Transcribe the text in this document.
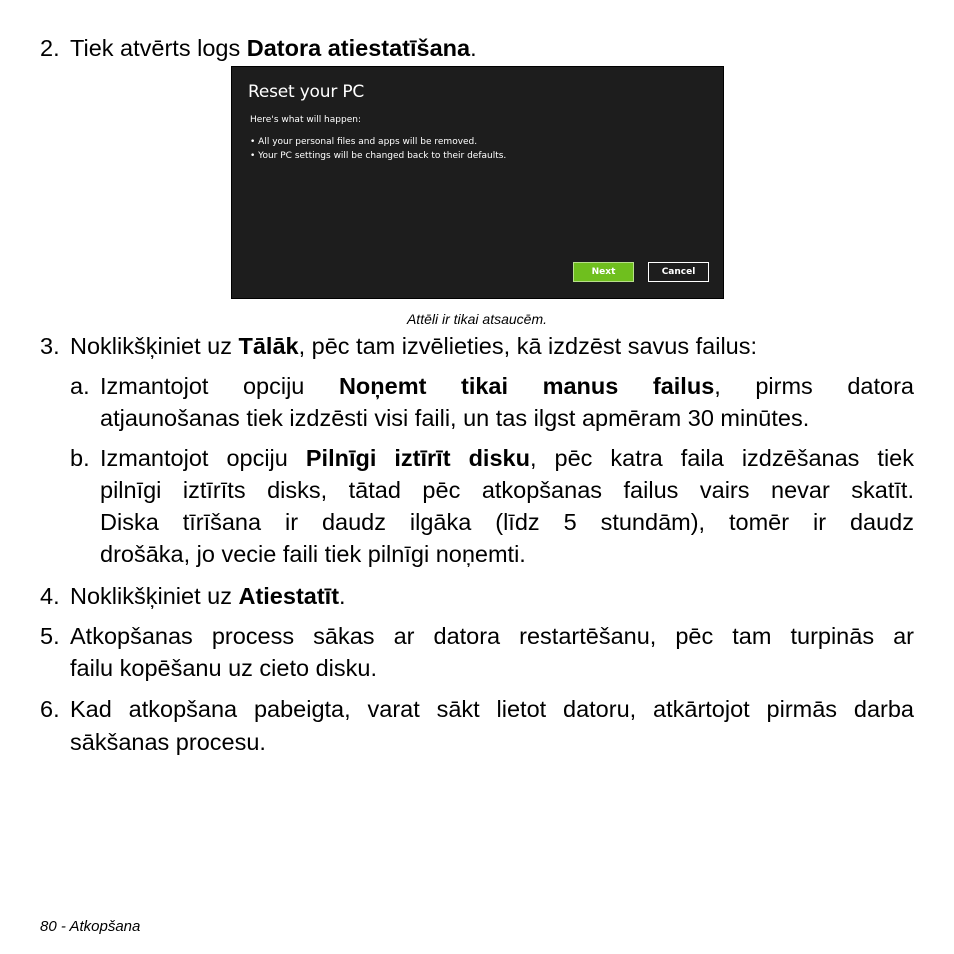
2. Tiek atvērts logs Datora atiestatīšana.
Reset your PC
Here's what will happen:
• All your personal files and apps will be removed.
• Your PC settings will be changed back to their defaults.
Next	Cancel
Attēli ir tikai atsaucēm.
3. Noklikšķiniet uz Tālāk, pēc tam izvēlieties, kā izdzēst savus failus:
a. Izmantojot opciju Noņemt tikai manus failus, pirms datora
atjaunošanas tiek izdzēsti visi faili, un tas ilgst apmēram 30 minūtes.
b. Izmantojot opciju Pilnīgi iztīrīt disku, pēc katra faila izdzēšanas tiek
pilnīgi iztīrīts disks, tātad pēc atkopšanas failus vairs nevar skatīt.
Diska tīrīšana ir daudz ilgāka (līdz 5 stundām), tomēr ir daudz
drošāka, jo vecie faili tiek pilnīgi noņemti.
4. Noklikšķiniet uz Atiestatīt.
5. Atkopšanas process sākas ar datora restartēšanu, pēc tam turpinās ar
failu kopēšanu uz cieto disku.
6. Kad atkopšana pabeigta, varat sākt lietot datoru, atkārtojot pirmās darba
sākšanas procesu.
80 - Atkopšana
